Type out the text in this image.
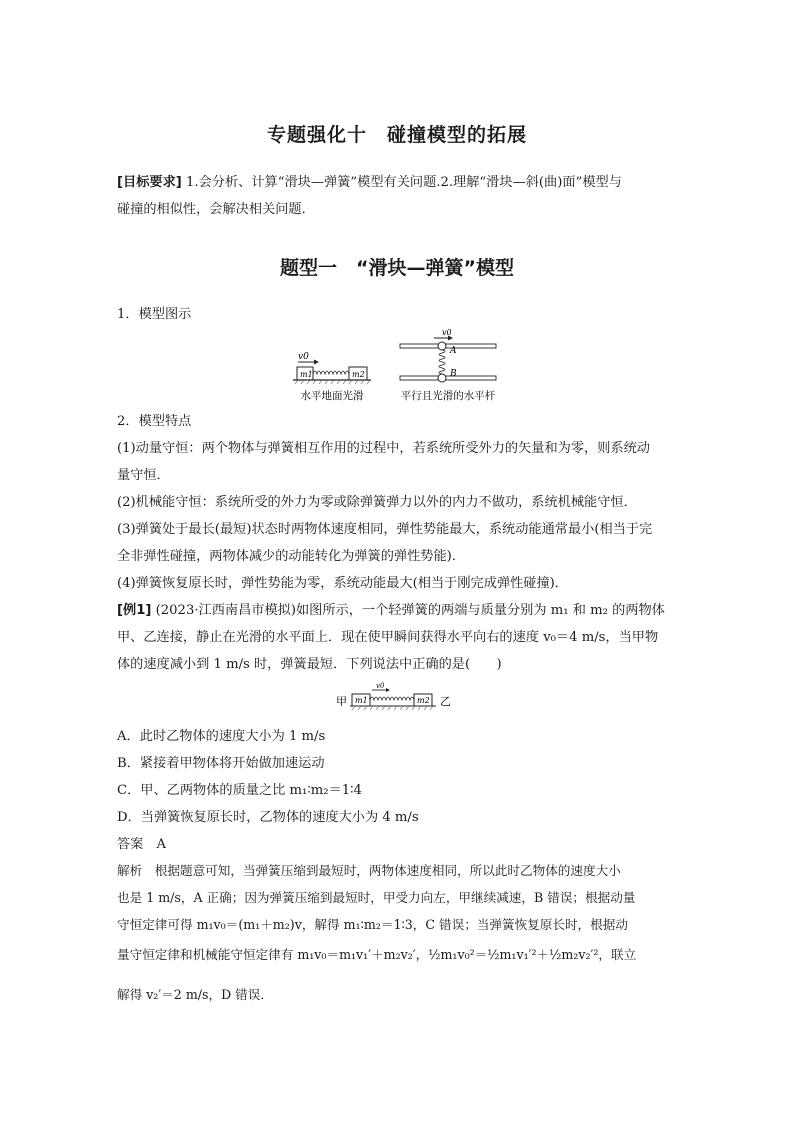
专题强化十　碰撞模型的拓展
[目标要求] 1.会分析、计算“滑块—弹簧”模型有关问题.2.理解“滑块—斜(曲)面”模型与
碰撞的相似性，会解决相关问题．
题型一　“滑块—弹簧”模型
1．模型图示
v0
m1	m2
水平地面光滑
v0
A
B
平行且光滑的水平杆
2．模型特点
(1)动量守恒：两个物体与弹簧相互作用的过程中，若系统所受外力的矢量和为零，则系统动
量守恒．
(2)机械能守恒：系统所受的外力为零或除弹簧弹力以外的内力不做功，系统机械能守恒．
(3)弹簧处于最长(最短)状态时两物体速度相同，弹性势能最大，系统动能通常最小(相当于完
全非弹性碰撞，两物体减少的动能转化为弹簧的弹性势能)．
(4)弹簧恢复原长时，弹性势能为零，系统动能最大(相当于刚完成弹性碰撞)．
[例1] (2023·江西南昌市模拟)如图所示，一个轻弹簧的两端与质量分别为 m₁ 和 m₂ 的两物体
甲、乙连接，静止在光滑的水平面上．现在使甲瞬间获得水平向右的速度 v₀＝4 m/s，当甲物
体的速度减小到 1 m/s 时，弹簧最短．下列说法中正确的是(　　)
甲
v0
m1	m2 乙
A．此时乙物体的速度大小为 1 m/s
B．紧接着甲物体将开始做加速运动
C．甲、乙两物体的质量之比 m₁∶m₂＝1∶4
D．当弹簧恢复原长时，乙物体的速度大小为 4 m/s
答案　A
解析　根据题意可知，当弹簧压缩到最短时，两物体速度相同，所以此时乙物体的速度大小
也是 1 m/s，A 正确；因为弹簧压缩到最短时，甲受力向左，甲继续减速，B 错误；根据动量
守恒定律可得 m₁v₀＝(m₁＋m₂)v，解得 m₁∶m₂＝1∶3，C 错误；当弹簧恢复原长时，根据动
量守恒定律和机械能守恒定律有 m₁v₀＝m₁v₁′＋m₂v₂′，½m₁v₀²＝½m₁v₁′²＋½m₂v₂′²，联立
解得 v₂′＝2 m/s，D 错误．
